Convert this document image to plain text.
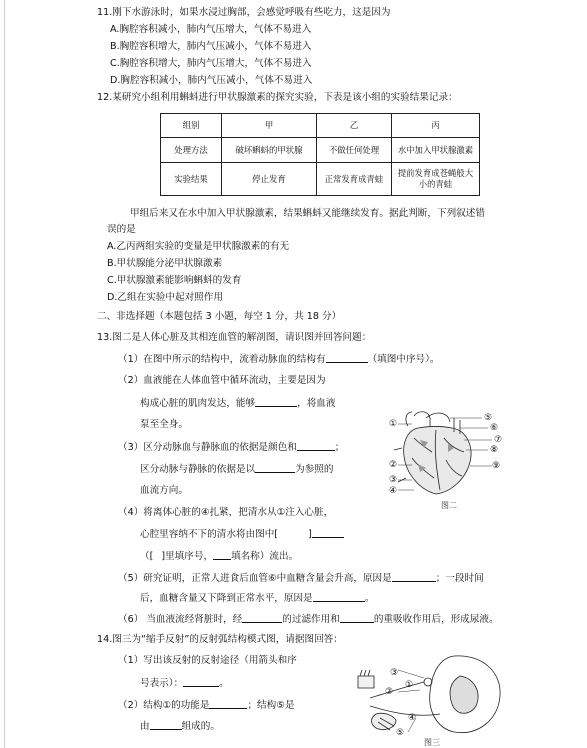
11.刚下水游泳时，如果水浸过胸部，会感觉呼吸有些吃力，这是因为
A.胸腔容积减小，肺内气压增大，气体不易进入
B.胸腔容积增大，肺内气压减小，气体不易进入
C.胸腔容积增大，肺内气压增大，气体不易进入
D.胸腔容积减小，肺内气压减小，气体不易进入
12.某研究小组利用蝌蚪进行甲状腺激素的探究实验，下表是该小组的实验结果记录：
组别	甲	乙	丙
处理方法	破坏蝌蚪的甲状腺	不做任何处理	水中加入甲状腺激素
实验结果	停止发育	正常发育成青蛙	提前发育成苍蝇般大小的青蛙
甲组后来又在水中加入甲状腺激素，结果蝌蚪又能继续发育。据此判断，下列叙述错
误的是
A.乙丙两组实验的变量是甲状腺激素的有无
B.甲状腺能分泌甲状腺激素
C.甲状腺激素能影响蝌蚪的发育
D.乙组在实验中起对照作用
二、非选择题（本题包括 3 小题，每空 1 分，共 18 分）
13.图二是人体心脏及其相连血管的解剖图，请识图并回答问题：
（1）在图中所示的结构中，流着动脉血的结构有	（填图中序号）。
（2）血液能在人体血管中循环流动，主要是因为
构成心脏的肌肉发达，能够	，将血液
泵至全身。
（3）区分动脉血与静脉血的依据是颜色和	；
区分动脉与静脉的依据是以	为参照的
血流方向。
（4）将离体心脏的④扎紧，把清水从①注入心脏，
心腔里容纳不下的清水将由图中[	]
（[ ]里填序号， 填名称）流出。
（5）研究证明，正常人进食后血管⑥中血糖含量会升高，原因是	；一段时间
后，血糖含量又下降到正常水平，原因是	。
（6） 当血液流经肾脏时，经	的过滤作用和	的重吸收作用后，形成尿液。
①
②
③
④
⑤
⑥
⑦
⑧
⑨
图二
14.图三为“缩手反射”的反射弧结构模式图，请据图回答：
（1）写出该反射的反射途径（用箭头和序
号表示）：	。
（2）结构①的功能是	；结构⑤是
由	组成的。
③
②
①
④
⑤
图三
